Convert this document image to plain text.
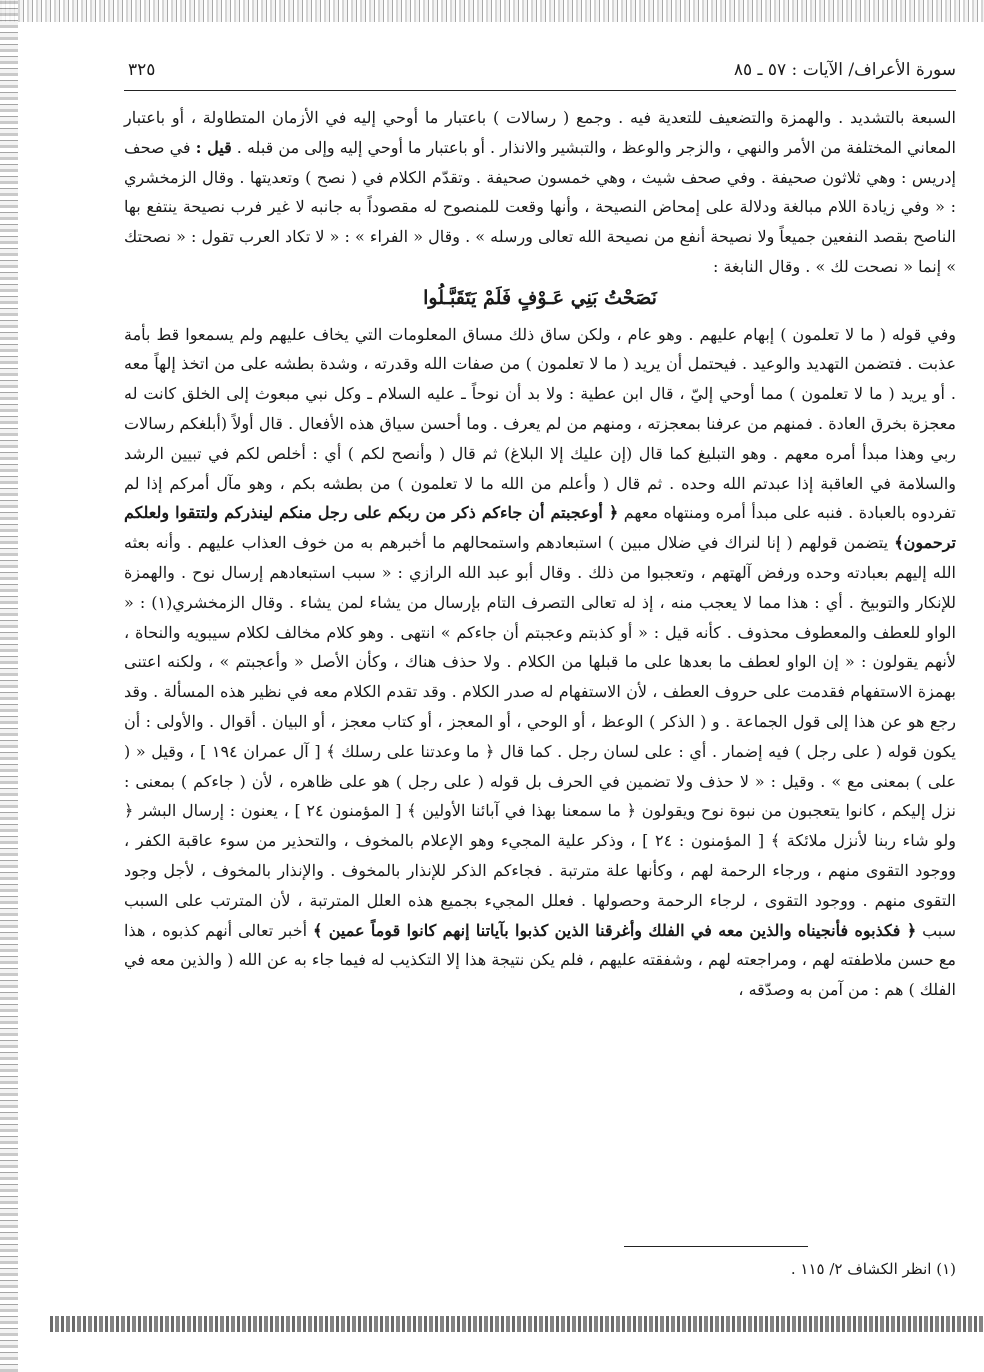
سورة الأعراف/ الآيات : ٥٧ ـ ٨٥
٣٢٥

السبعة بالتشديد . والهمزة والتضعيف للتعدية فيه . وجمع ( رسالات ) باعتبار ما أوحي إليه في الأزمان المتطاولة ، أو باعتبار المعاني المختلفة من الأمر والنهي ، والزجر والوعظ ، والتبشير والانذار . أو باعتبار ما أوحي إليه وإلى من قبله . قيل : في صحف إدريس : وهي ثلاثون صحيفة . وفي صحف شيث ، وهي خمسون صحيفة . وتقدّم الكلام في ( نصح ) وتعديتها . وقال الزمخشري : « وفي زيادة اللام مبالغة ودلالة على إمحاض النصيحة ، وأنها وقعت للمنصوح له مقصوداً به جانبه لا غير فرب نصيحة ينتفع بها الناصح بقصد النفعين جميعاً ولا نصيحة أنفع من نصيحة الله تعالى ورسله » . وقال « الفراء » : « لا تكاد العرب تقول : « نصحتك » إنما « نصحت لك » . وقال النابغة :

نَصَحْتُ بَنِي عَـوْفٍ فَلَمْ يَتَقَبَّـلُوا

وفي قوله ( ما لا تعلمون ) إبهام عليهم . وهو عام ، ولكن ساق ذلك مساق المعلومات التي يخاف عليهم ولم يسمعوا قط بأمة عذبت . فتضمن التهديد والوعيد . فيحتمل أن يريد ( ما لا تعلمون ) من صفات الله وقدرته ، وشدة بطشه على من اتخذ إلهاً معه . أو يريد ( ما لا تعلمون ) مما أوحي إليّ ، قال ابن عطية : ولا بد أن نوحاً ـ عليه السلام ـ وكل نبي مبعوث إلى الخلق كانت له معجزة بخرق العادة . فمنهم من عرفنا بمعجزته ، ومنهم من لم يعرف . وما أحسن سياق هذه الأفعال . قال أولاً (أبلغكم رسالات ربي وهذا مبدأ أمره معهم . وهو التبليغ كما قال (إن عليك إلا البلاغ) ثم قال ( وأنصح لكم ) أي : أخلص لكم في تبيين الرشد والسلامة في العاقبة إذا عبدتم الله وحده . ثم قال ( وأعلم من الله ما لا تعلمون ) من بطشه بكم ، وهو مآل أمركم إذا لم تفردوه بالعبادة . فنبه على مبدأ أمره ومنتهاه معهم ﴿ أوعجبتم أن جاءكم ذكر من ربكم على رجل منكم لينذركم ولتتقوا ولعلكم ترحمون﴾ يتضمن قولهم ( إنا لنراك في ضلال مبين ) استبعادهم واستمحالهم ما أخبرهم به من خوف العذاب عليهم . وأنه بعثه الله إليهم بعبادته وحده ورفض آلهتهم ، وتعجبوا من ذلك . وقال أبو عبد الله الرازي : « سبب استبعادهم إرسال نوح . والهمزة للإنكار والتوبيخ . أي : هذا مما لا يعجب منه ، إذ له تعالى التصرف التام بإرسال من يشاء لمن يشاء . وقال الزمخشري(١) : « الواو للعطف والمعطوف محذوف . كأنه قيل : « أو كذبتم وعجبتم أن جاءكم » انتهى . وهو كلام مخالف لكلام سيبويه والنحاة ، لأنهم يقولون : « إن الواو لعطف ما بعدها على ما قبلها من الكلام . ولا حذف هناك ، وكأن الأصل « وأعجبتم » ، ولكنه اعتنى بهمزة الاستفهام فقدمت على حروف العطف ، لأن الاستفهام له صدر الكلام . وقد تقدم الكلام معه في نظير هذه المسألة . وقد رجع هو عن هذا إلى قول الجماعة . و ( الذكر ) الوعظ ، أو الوحي ، أو المعجز ، أو كتاب معجز ، أو البيان . أقوال . والأولى : أن يكون قوله ( على رجل ) فيه إضمار . أي : على لسان رجل . كما قال ﴿ ما وعدتنا على رسلك ﴾ [ آل عمران ١٩٤ ] ، وقيل « ( على ) بمعنى مع » . وقيل : « لا حذف ولا تضمين في الحرف بل قوله ( على رجل ) هو على ظاهره ، لأن ( جاءكم ) بمعنى : نزل إليكم ، كانوا يتعجبون من نبوة نوح ويقولون ﴿ ما سمعنا بهذا في آبائنا الأولين ﴾ [ المؤمنون ٢٤ ] ، يعنون : إرسال البشر ﴿ ولو شاء ربنا لأنزل ملائكة ﴾ [ المؤمنون : ٢٤ ] ، وذكر علية المجيء وهو الإعلام بالمخوف ، والتحذير من سوء عاقبة الكفر ، ووجود التقوى منهم ، ورجاء الرحمة لهم ، وكأنها علة مترتبة . فجاءكم الذكر للإنذار بالمخوف . والإنذار بالمخوف ، لأجل وجود التقوى منهم . ووجود التقوى ، لرجاء الرحمة وحصولها . فعلل المجيء بجميع هذه العلل المترتبة ، لأن المترتب على السبب سبب ﴿ فكذبوه فأنجيناه والذين معه في الفلك وأغرقنا الذين كذبوا بآياتنا إنهم كانوا قوماً عمين ﴾ أخبر تعالى أنهم كذبوه ، هذا مع حسن ملاطفته لهم ، ومراجعته لهم ، وشفقته عليهم ، فلم يكن نتيجة هذا إلا التكذيب له فيما جاء به عن الله ( والذين معه في الفلك ) هم : من آمن به وصدّقه ،

(١) انظر الكشاف ٢/ ١١٥ .
